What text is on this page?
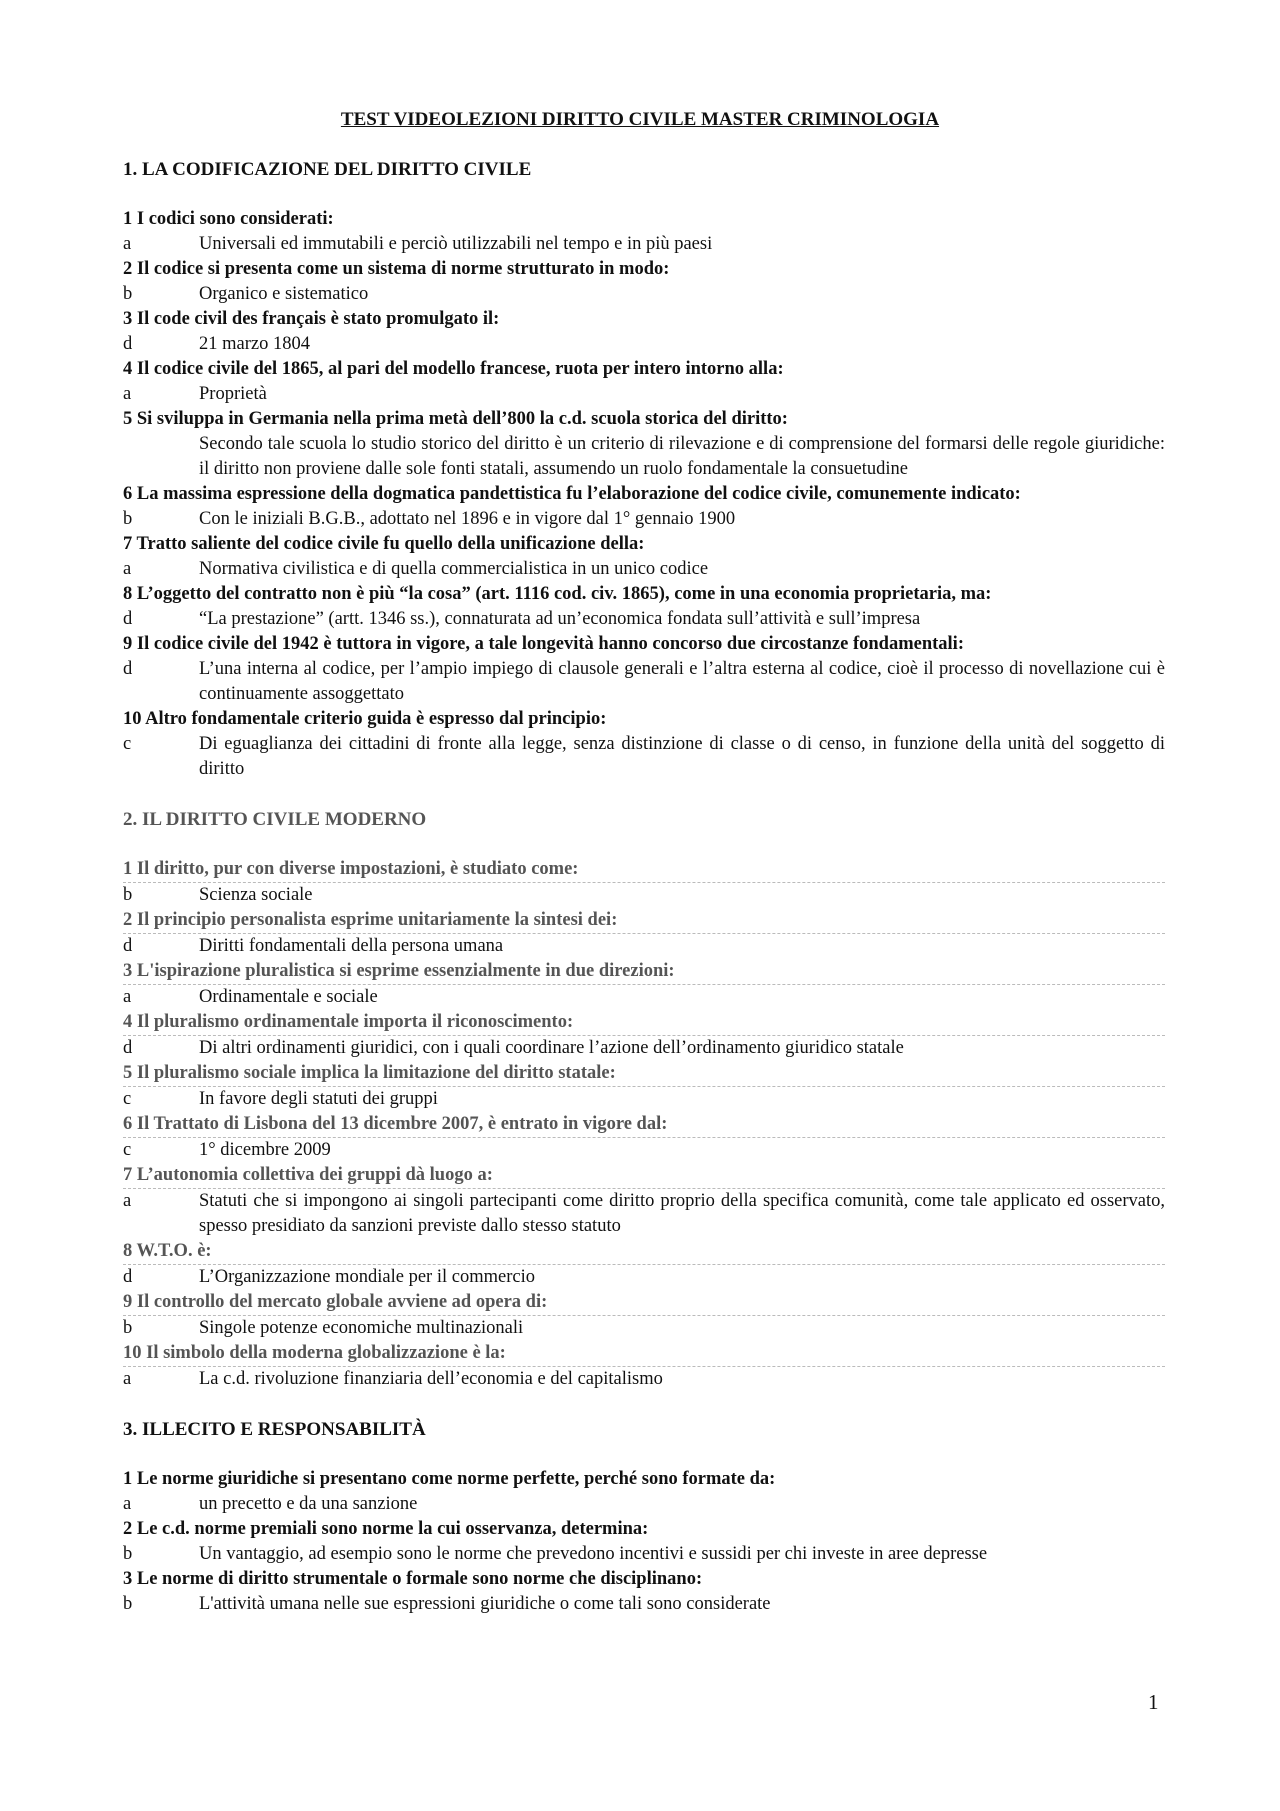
TEST VIDEOLEZIONI DIRITTO CIVILE MASTER CRIMINOLOGIA
1. LA CODIFICAZIONE DEL DIRITTO CIVILE
1 I codici sono considerati:
a	Universali ed immutabili e perciò utilizzabili nel tempo e in più paesi
2 Il codice si presenta come un sistema di norme strutturato in modo:
b	Organico e sistematico
3 Il code civil des français è stato promulgato il:
d	21 marzo 1804
4 Il codice civile del 1865, al pari del modello francese, ruota per intero intorno alla:
a	Proprietà
5 Si sviluppa in Germania nella prima metà dell’800 la c.d. scuola storica del diritto:
Secondo tale scuola lo studio storico del diritto è un criterio di rilevazione e di comprensione del formarsi delle regole giuridiche: il diritto non proviene dalle sole fonti statali, assumendo un ruolo fondamentale la consuetudine
6 La massima espressione della dogmatica pandettistica fu l’elaborazione del codice civile, comunemente indicato:
b	Con le iniziali B.G.B., adottato nel 1896 e in vigore dal 1° gennaio 1900
7 Tratto saliente del codice civile fu quello della unificazione della:
a	Normativa civilistica e di quella commercialistica in un unico codice
8 L’oggetto del contratto non è più “la cosa” (art. 1116 cod. civ. 1865), come in una economia proprietaria, ma:
d	“La prestazione” (artt. 1346 ss.), connaturata ad un’economica fondata sull’attività e sull’impresa
9 Il codice civile del 1942 è tuttora in vigore, a tale longevità hanno concorso due circostanze fondamentali:
d	L’una interna al codice, per l’ampio impiego di clausole generali e l’altra esterna al codice, cioè il processo di novellazione cui è continuamente assoggettato
10 Altro fondamentale criterio guida è espresso dal principio:
c	Di eguaglianza dei cittadini di fronte alla legge, senza distinzione di classe o di censo, in funzione della unità del soggetto di diritto
2. IL DIRITTO CIVILE MODERNO
1 Il diritto, pur con diverse impostazioni, è studiato come:
b	Scienza sociale
2 Il principio personalista esprime unitariamente la sintesi dei:
d	Diritti fondamentali della persona umana
3 L'ispirazione pluralistica si esprime essenzialmente in due direzioni:
a	Ordinamentale e sociale
4 Il pluralismo ordinamentale importa il riconoscimento:
d	Di altri ordinamenti giuridici, con i quali coordinare l’azione dell’ordinamento giuridico statale
5 Il pluralismo sociale implica la limitazione del diritto statale:
c	In favore degli statuti dei gruppi
6 Il Trattato di Lisbona del 13 dicembre 2007, è entrato in vigore dal:
c	1° dicembre 2009
7 L’autonomia collettiva dei gruppi dà luogo a:
a	Statuti che si impongono ai singoli partecipanti come diritto proprio della specifica comunità, come tale applicato ed osservato, spesso presidiato da sanzioni previste dallo stesso statuto
8 W.T.O. è:
d	L’Organizzazione mondiale per il commercio
9 Il controllo del mercato globale avviene ad opera di:
b	Singole potenze economiche multinazionali
10 Il simbolo della moderna globalizzazione è la:
a	La c.d. rivoluzione finanziaria dell’economia e del capitalismo
3. ILLECITO E RESPONSABILITÀ
1 Le norme giuridiche si presentano come norme perfette, perché sono formate da:
a	un precetto e da una sanzione
2 Le c.d. norme premiali sono norme la cui osservanza, determina:
b	Un vantaggio, ad esempio sono le norme che prevedono incentivi e sussidi per chi investe in aree depresse
3 Le norme di diritto strumentale o formale sono norme che disciplinano:
b	L'attività umana nelle sue espressioni giuridiche o come tali sono considerate
1
